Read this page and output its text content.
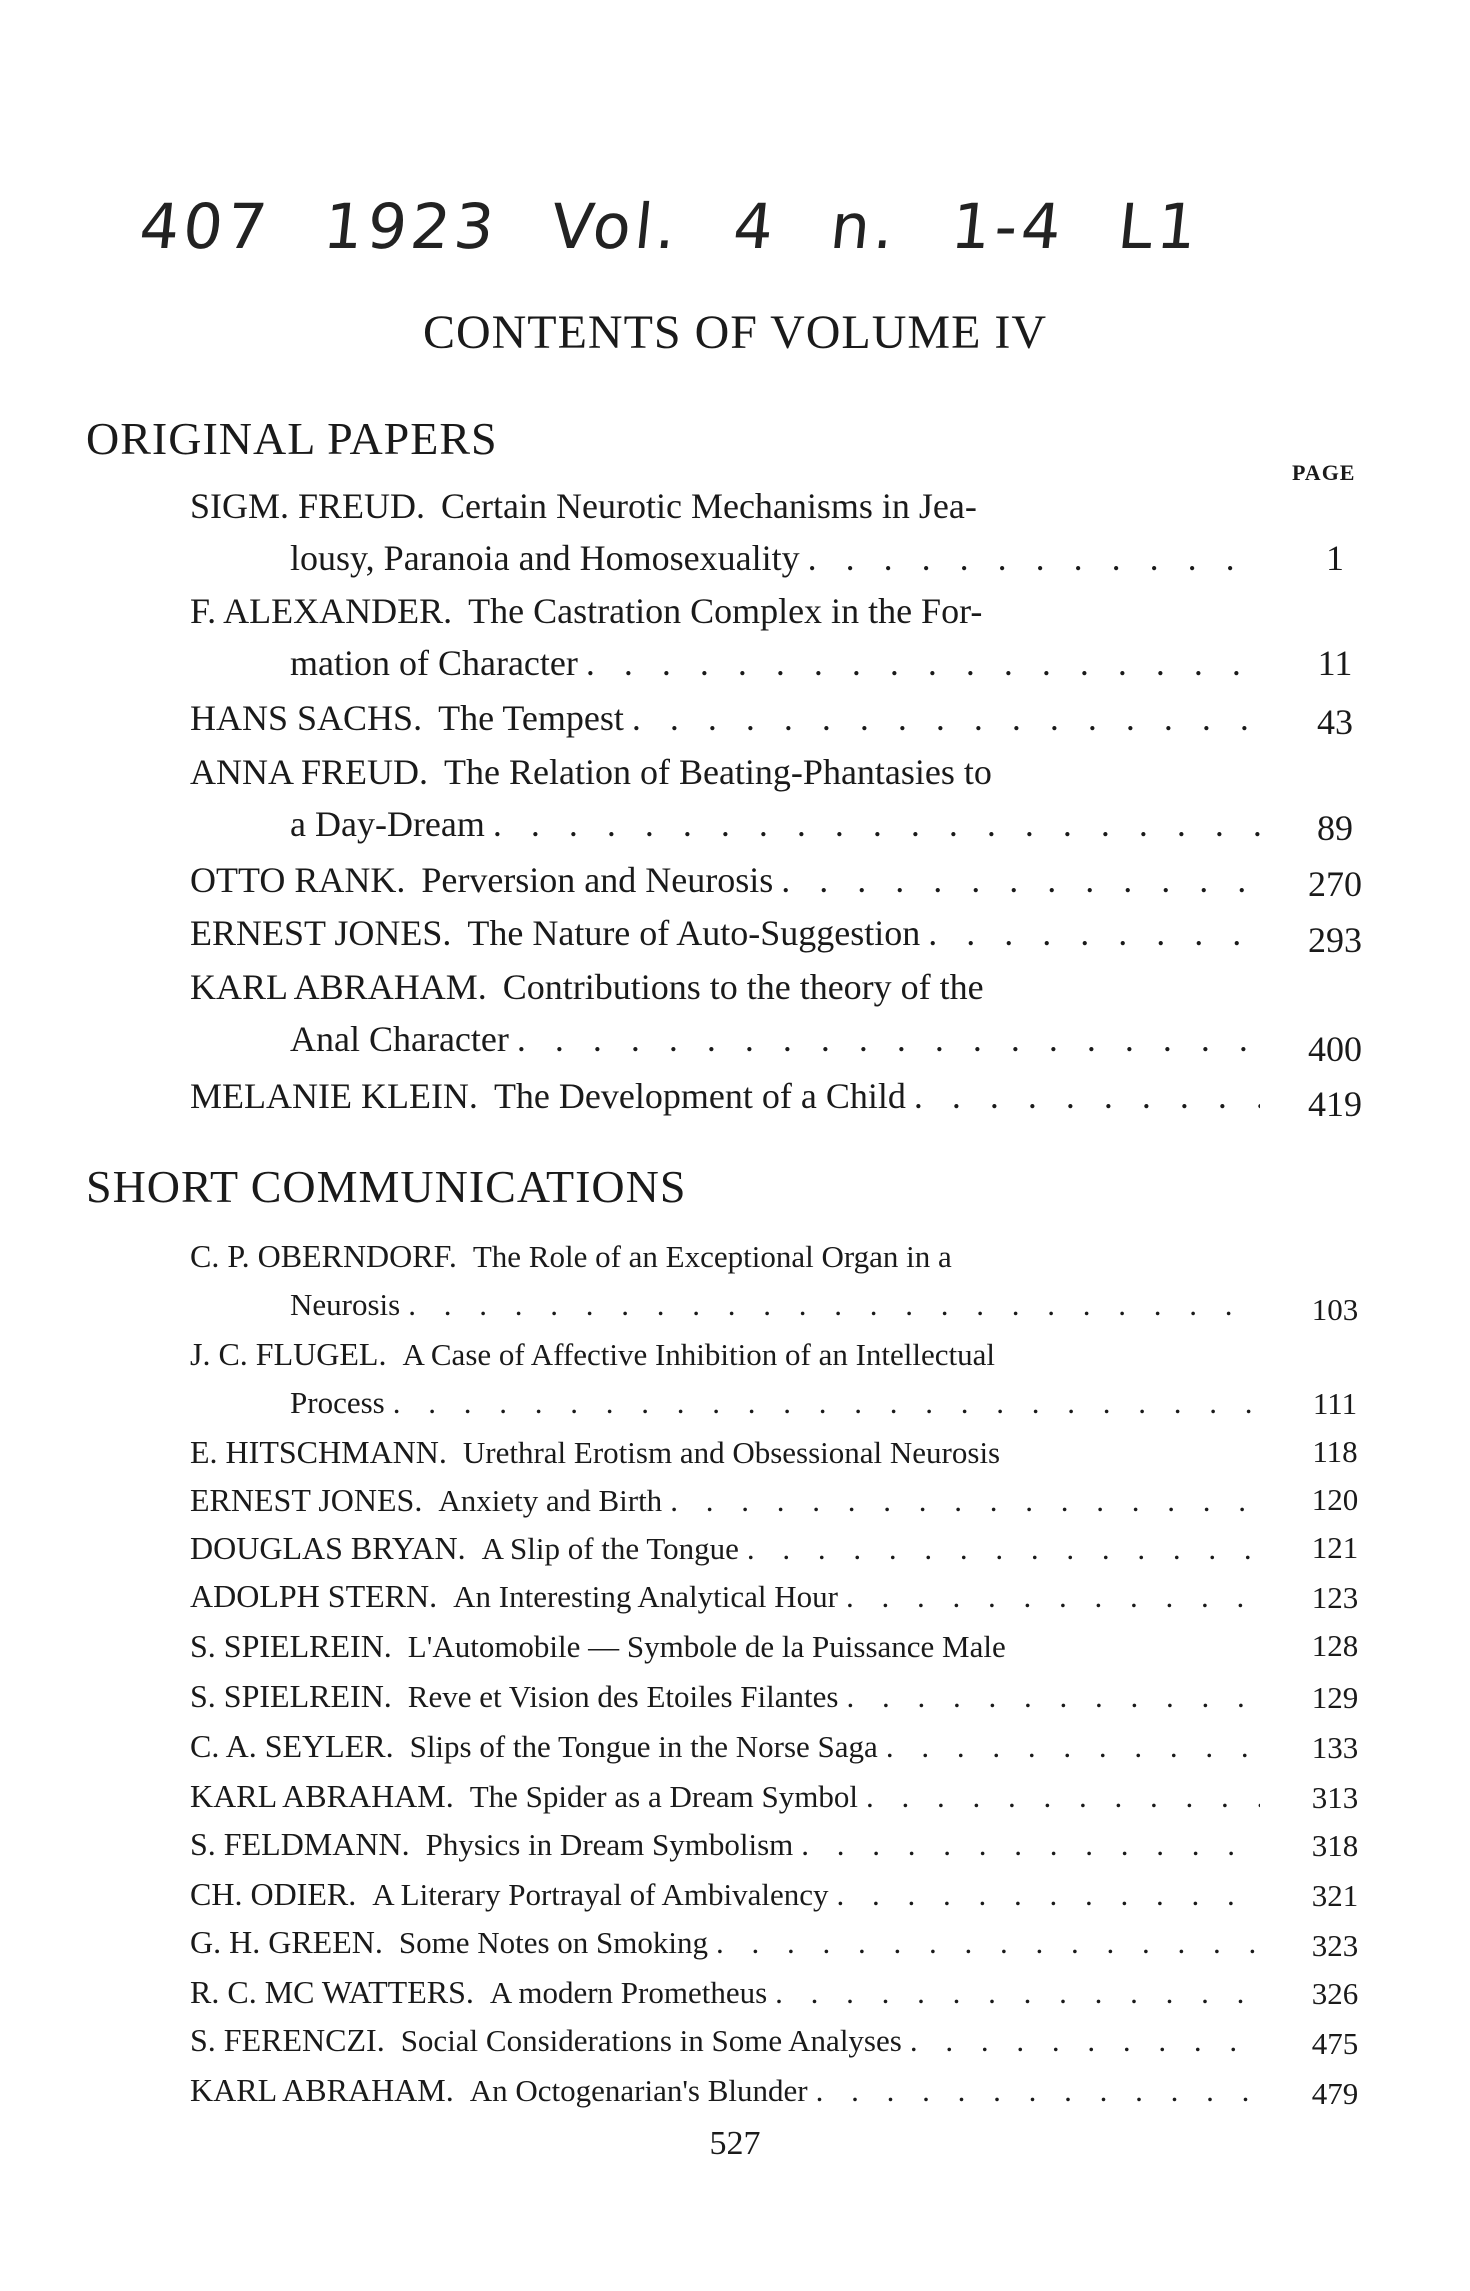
407 1923 Vol. 4 n. 1-4 L1
CONTENTS OF VOLUME IV
ORIGINAL PAPERS
PAGE
SIGM. FREUD. Certain Neurotic Mechanisms in Jea-
lousy, Paranoia and Homosexuality . . .	1
F. ALEXANDER. The Castration Complex in the For-
mation of Character . . .	11
HANS SACHS. The Tempest . . .	43
ANNA FREUD. The Relation of Beating-Phantasies to
a Day-Dream . . .	89
OTTO RANK. Perversion and Neurosis . . .	270
ERNEST JONES. The Nature of Auto-Suggestion . . .	293
KARL ABRAHAM. Contributions to the theory of the
Anal Character . . .	400
MELANIE KLEIN. The Development of a Child . . .	419
SHORT COMMUNICATIONS
C. P. OBERNDORF. The Role of an Exceptional Organ in a
Neurosis . . .	103
J. C. FLUGEL. A Case of Affective Inhibition of an Intellectual
Process . . .	111
E. HITSCHMANN. Urethral Erotism and Obsessional Neurosis	118
ERNEST JONES. Anxiety and Birth . . .	120
DOUGLAS BRYAN. A Slip of the Tongue . . .	121
ADOLPH STERN. An Interesting Analytical Hour . . .	123
S. SPIELREIN. L'Automobile — Symbole de la Puissance Male	128
S. SPIELREIN. Reve et Vision des Etoiles Filantes . . .	129
C. A. SEYLER. Slips of the Tongue in the Norse Saga . . .	133
KARL ABRAHAM. The Spider as a Dream Symbol . . .	313
S. FELDMANN. Physics in Dream Symbolism . . .	318
CH. ODIER. A Literary Portrayal of Ambivalency . . .	321
G. H. GREEN. Some Notes on Smoking . . .	323
R. C. MC WATTERS. A modern Prometheus . . .	326
S. FERENCZI. Social Considerations in Some Analyses . . .	475
KARL ABRAHAM. An Octogenarian's Blunder . . .	479
527
